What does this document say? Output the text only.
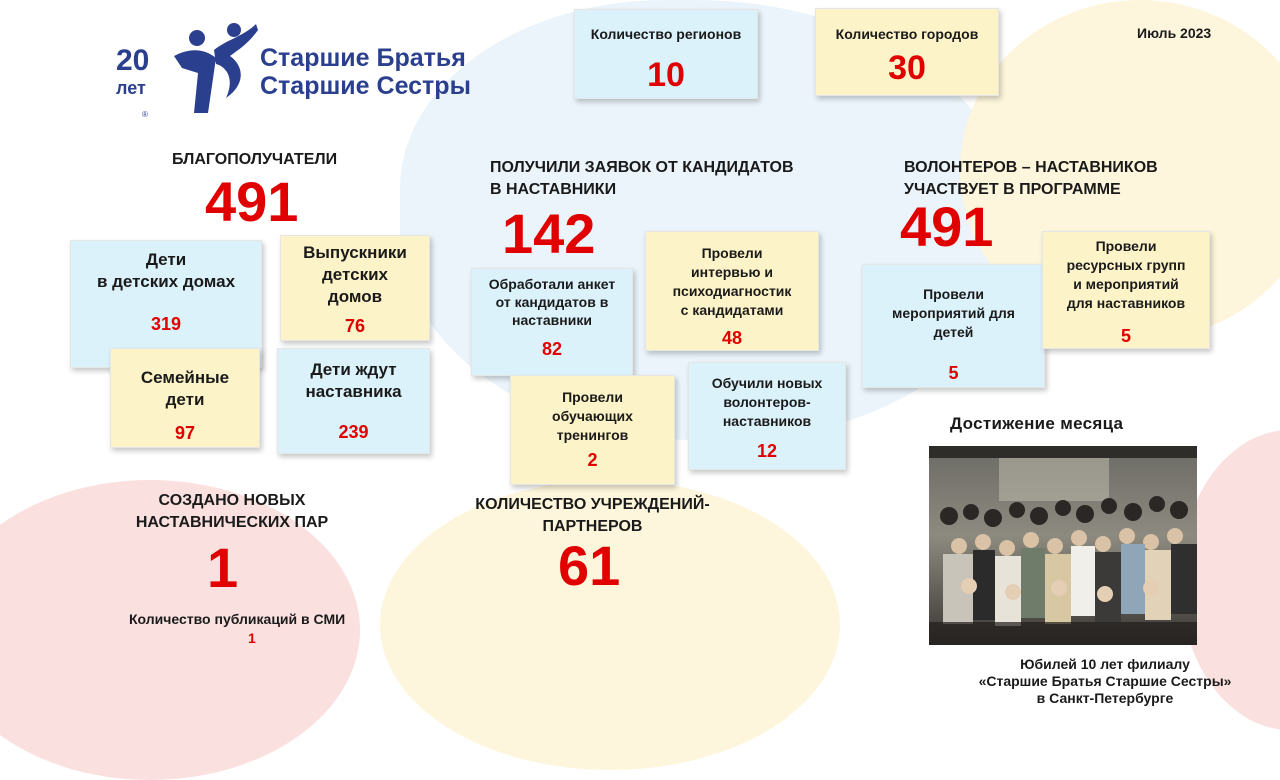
20
лет
Старшие Братья
Старшие Сестры
®
Количество регионов
10
Количество городов
30
Июль 2023
БЛАГОПОЛУЧАТЕЛИ
491
Дети
в детских домах
319
Выпускники
детских
домов
76
Семейные
дети
97
Дети ждут
наставника
239
ПОЛУЧИЛИ ЗАЯВОК ОТ КАНДИДАТОВ
В НАСТАВНИКИ
142
Обработали анкет
от кандидатов в
наставники
82
Провели
интервью и
психодиагностик
с кандидатами
48
Провели
обучающих
тренингов
2
Обучили новых
волонтеров-
наставников
12
ВОЛОНТЕРОВ – НАСТАВНИКОВ
УЧАСТВУЕТ В ПРОГРАММЕ
491
Провели
мероприятий для
детей
5
Провели
ресурсных групп
и мероприятий
для наставников
5
СОЗДАНО НОВЫХ
НАСТАВНИЧЕСКИХ ПАР
1
Количество публикаций в СМИ
1
КОЛИЧЕСТВО УЧРЕЖДЕНИЙ-
ПАРТНЕРОВ
61
Достижение месяца
Юбилей 10 лет филиалу
«Старшие Братья Старшие Сестры»
в Санкт-Петербурге
